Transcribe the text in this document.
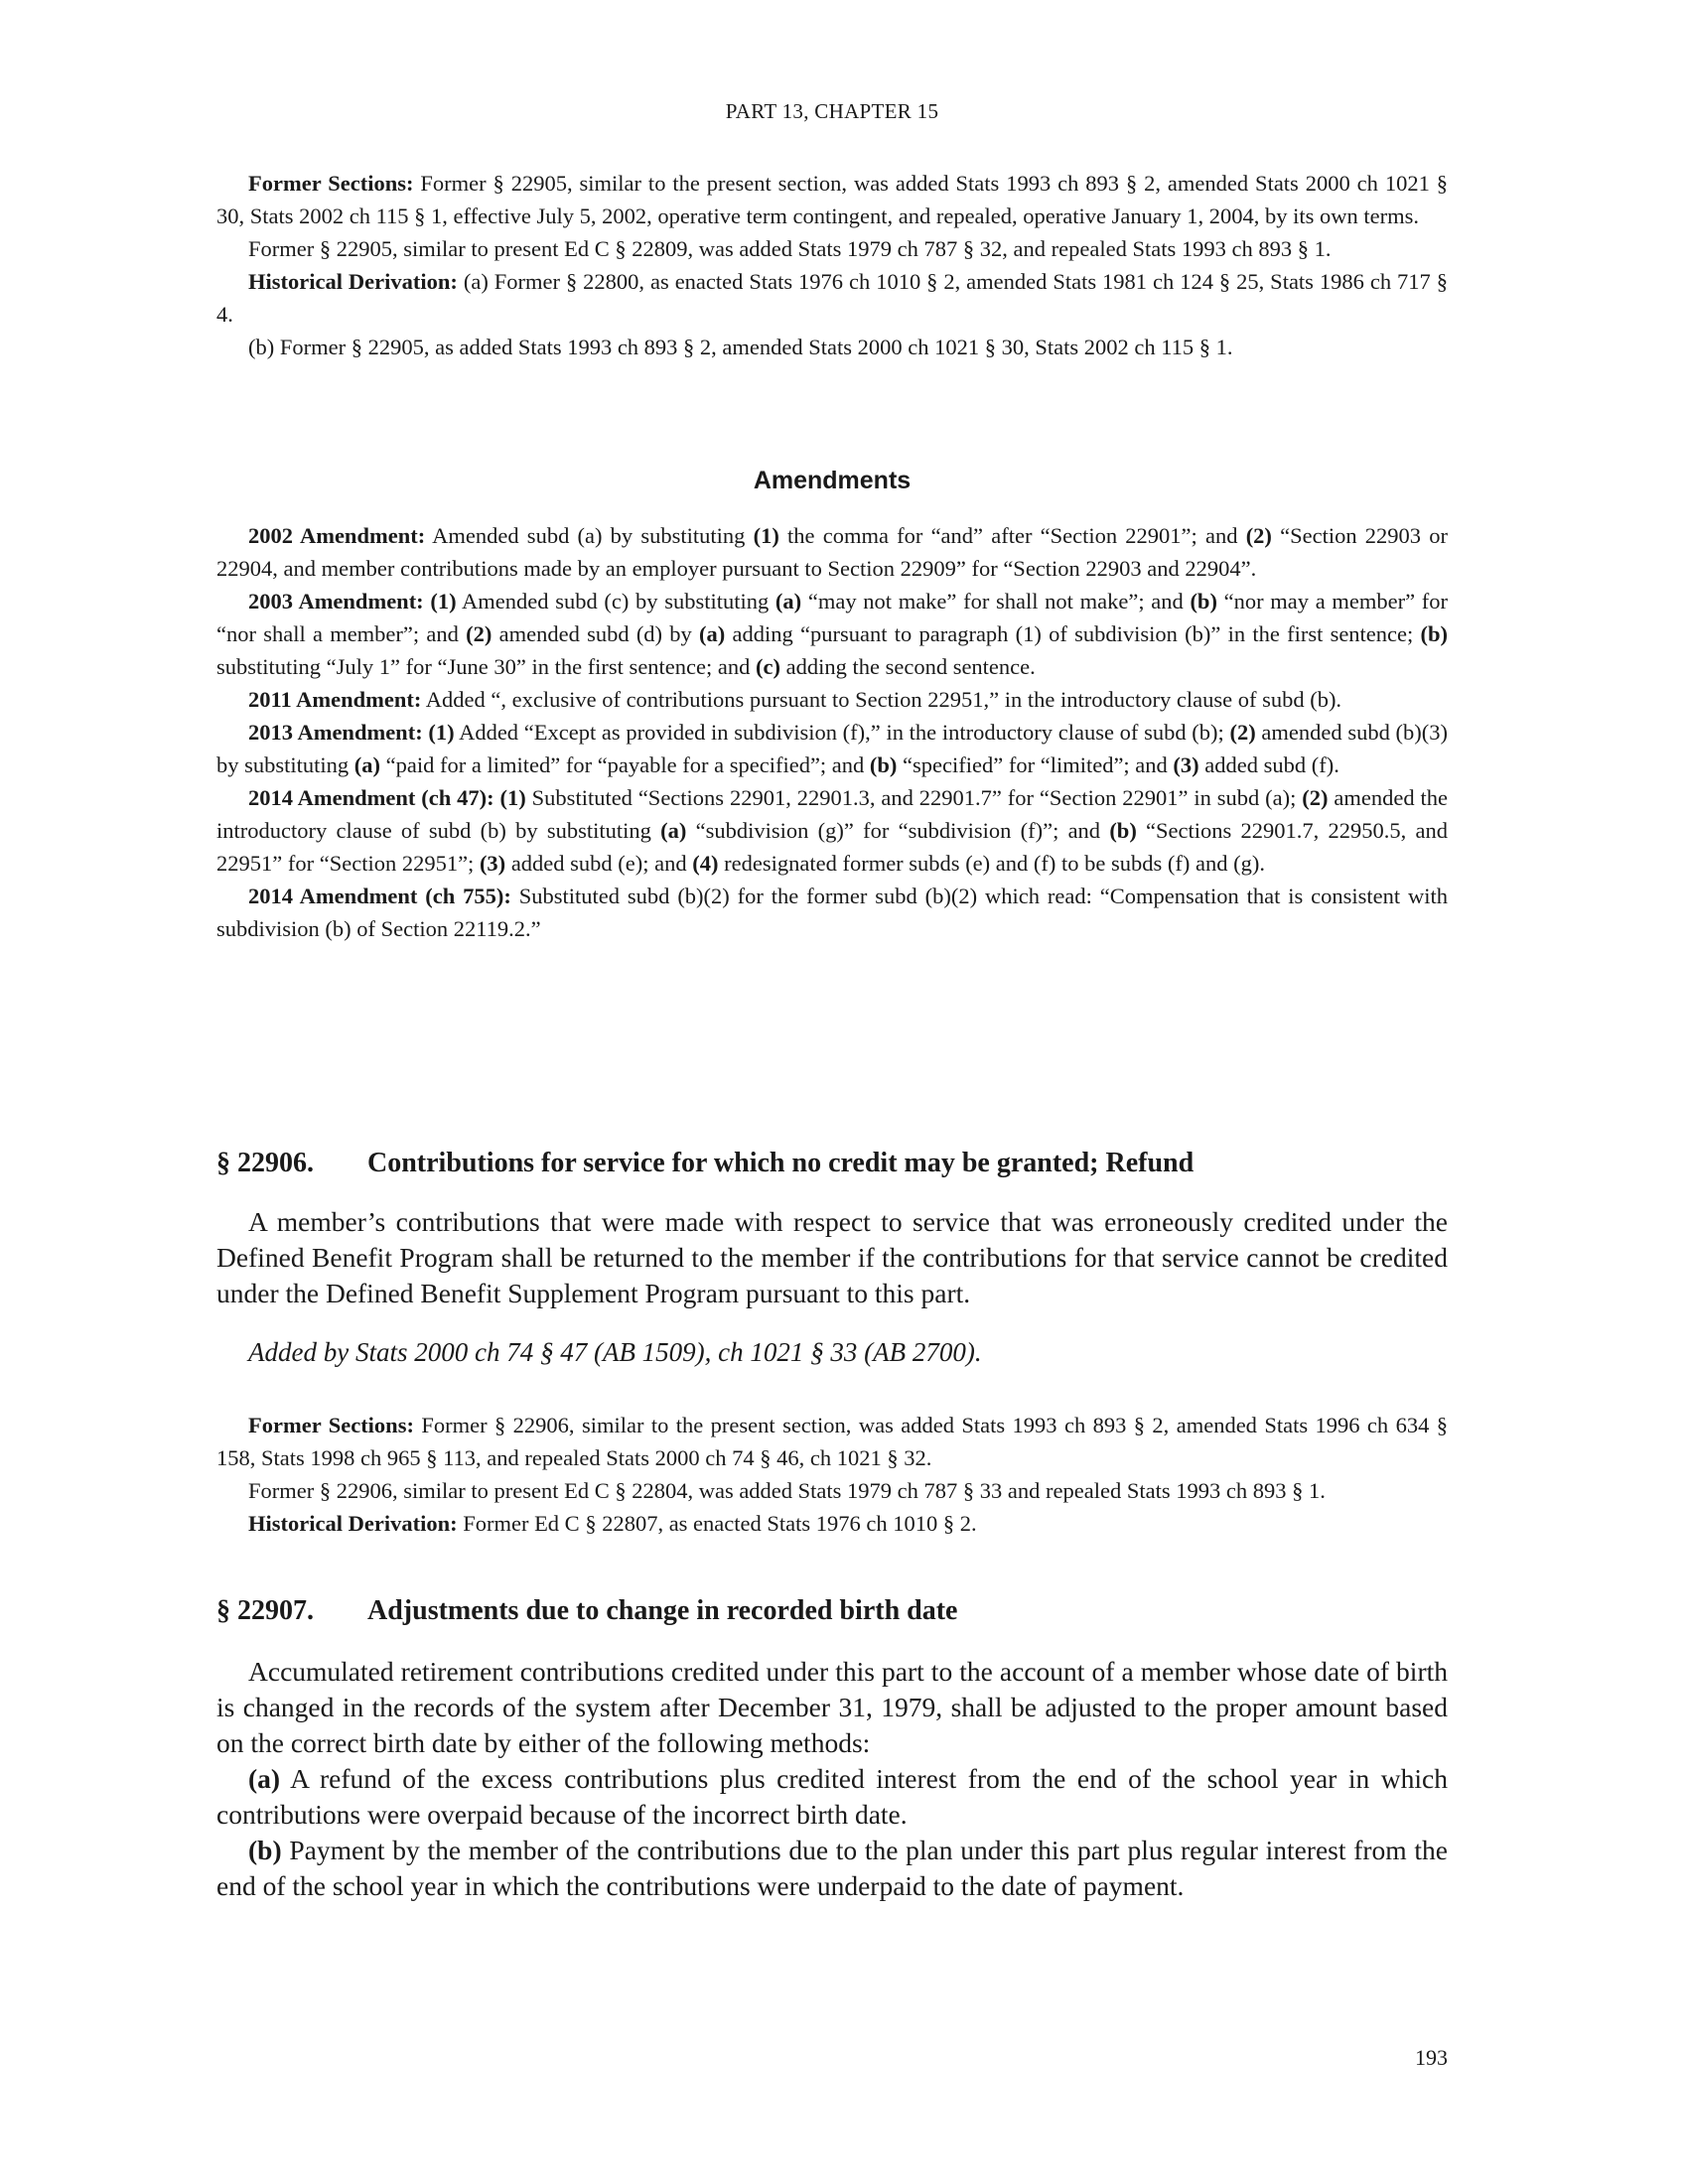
PART 13, CHAPTER 15

Former Sections: Former § 22905, similar to the present section, was added Stats 1993 ch 893 § 2, amended Stats 2000 ch 1021 § 30, Stats 2002 ch 115 § 1, effective July 5, 2002, operative term contingent, and repealed, operative January 1, 2004, by its own terms.

Former § 22905, similar to present Ed C § 22809, was added Stats 1979 ch 787 § 32, and repealed Stats 1993 ch 893 § 1.

Historical Derivation: (a) Former § 22800, as enacted Stats 1976 ch 1010 § 2, amended Stats 1981 ch 124 § 25, Stats 1986 ch 717 § 4.

(b) Former § 22905, as added Stats 1993 ch 893 § 2, amended Stats 2000 ch 1021 § 30, Stats 2002 ch 115 § 1.

Amendments

2002 Amendment: Amended subd (a) by substituting (1) the comma for “and” after “Section 22901”; and (2) “Section 22903 or 22904, and member contributions made by an employer pursuant to Section 22909” for “Section 22903 and 22904”.

2003 Amendment: (1) Amended subd (c) by substituting (a) “may not make” for shall not make”; and (b) “nor may a member” for “nor shall a member”; and (2) amended subd (d) by (a) adding “pursuant to paragraph (1) of subdivision (b)” in the first sentence; (b) substituting “July 1” for “June 30” in the first sentence; and (c) adding the second sentence.

2011 Amendment: Added “, exclusive of contributions pursuant to Section 22951,” in the introductory clause of subd (b).

2013 Amendment: (1) Added “Except as provided in subdivision (f),” in the introductory clause of subd (b); (2) amended subd (b)(3) by substituting (a) “paid for a limited” for “payable for a specified”; and (b) “specified” for “limited”; and (3) added subd (f).

2014 Amendment (ch 47): (1) Substituted “Sections 22901, 22901.3, and 22901.7” for “Section 22901” in subd (a); (2) amended the introductory clause of subd (b) by substituting (a) “subdivision (g)” for “subdivision (f)”; and (b) “Sections 22901.7, 22950.5, and 22951” for “Section 22951”; (3) added subd (e); and (4) redesignated former subds (e) and (f) to be subds (f) and (g).

2014 Amendment (ch 755): Substituted subd (b)(2) for the former subd (b)(2) which read: “Compensation that is consistent with subdivision (b) of Section 22119.2.”

§ 22906. Contributions for service for which no credit may be granted; Refund

A member’s contributions that were made with respect to service that was erroneously credited under the Defined Benefit Program shall be returned to the member if the contributions for that service cannot be credited under the Defined Benefit Supplement Program pursuant to this part.

Added by Stats 2000 ch 74 § 47 (AB 1509), ch 1021 § 33 (AB 2700).

Former Sections: Former § 22906, similar to the present section, was added Stats 1993 ch 893 § 2, amended Stats 1996 ch 634 § 158, Stats 1998 ch 965 § 113, and repealed Stats 2000 ch 74 § 46, ch 1021 § 32.

Former § 22906, similar to present Ed C § 22804, was added Stats 1979 ch 787 § 33 and repealed Stats 1993 ch 893 § 1.

Historical Derivation: Former Ed C § 22807, as enacted Stats 1976 ch 1010 § 2.

§ 22907. Adjustments due to change in recorded birth date

Accumulated retirement contributions credited under this part to the account of a member whose date of birth is changed in the records of the system after December 31, 1979, shall be adjusted to the proper amount based on the correct birth date by either of the following methods:

(a) A refund of the excess contributions plus credited interest from the end of the school year in which contributions were overpaid because of the incorrect birth date.

(b) Payment by the member of the contributions due to the plan under this part plus regular interest from the end of the school year in which the contributions were underpaid to the date of payment.

193
